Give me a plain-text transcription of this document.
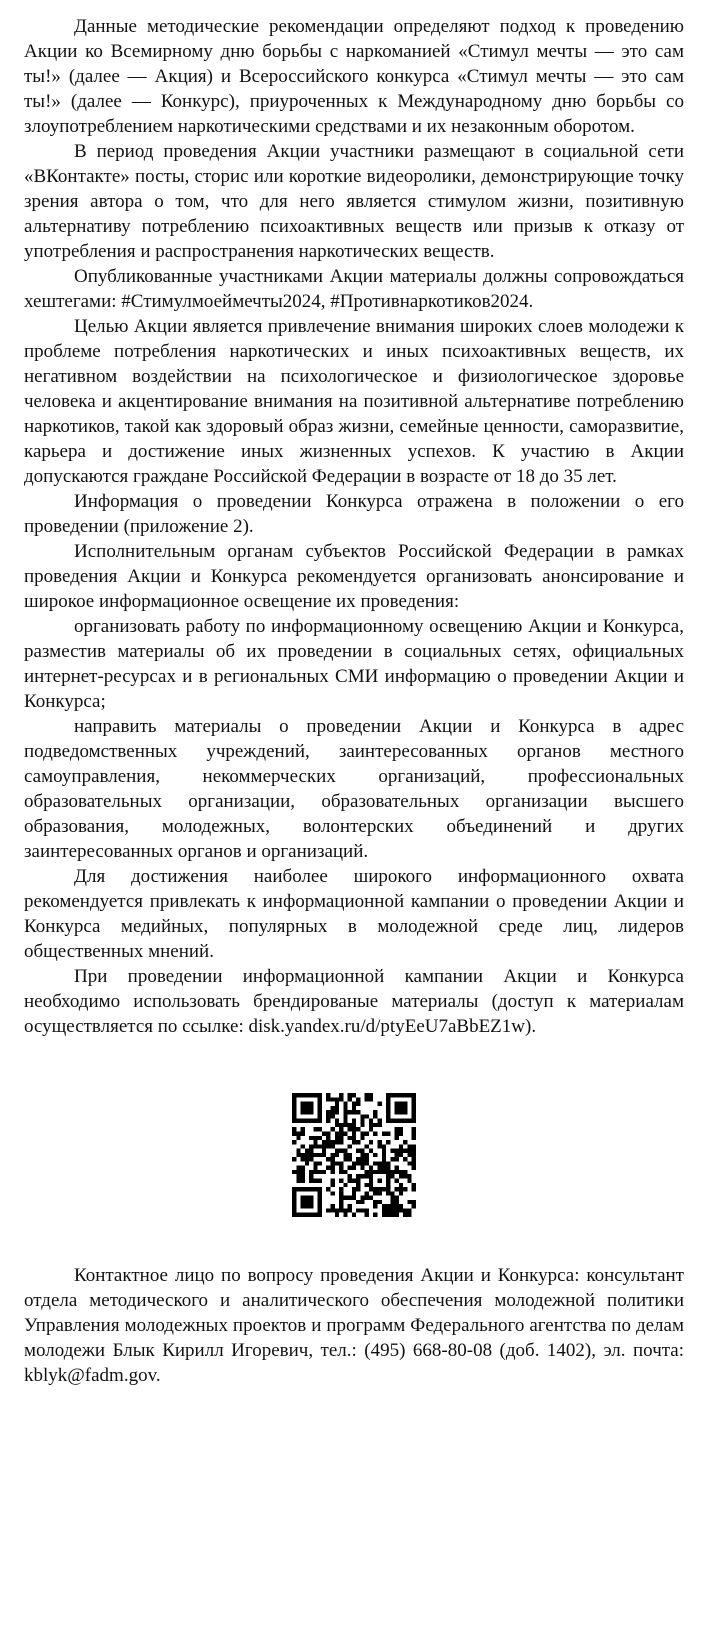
Данные методические рекомендации определяют подход к проведению Акции ко Всемирному дню борьбы с наркоманией «Стимул мечты — это сам ты!» (далее — Акция) и Всероссийского конкурса «Стимул мечты — это сам ты!» (далее — Конкурс), приуроченных к Международному дню борьбы со злоупотреблением наркотическими средствами и их незаконным оборотом.

В период проведения Акции участники размещают в социальной сети «ВКонтакте» посты, сторис или короткие видеоролики, демонстрирующие точку зрения автора о том, что для него является стимулом жизни, позитивную альтернативу потреблению психоактивных веществ или призыв к отказу от употребления и распространения наркотических веществ.

Опубликованные участниками Акции материалы должны сопровождаться хештегами: #Стимулмоеймечты2024, #Противнаркотиков2024.

Целью Акции является привлечение внимания широких слоев молодежи к проблеме потребления наркотических и иных психоактивных веществ, их негативном воздействии на психологическое и физиологическое здоровье человека и акцентирование внимания на позитивной альтернативе потреблению наркотиков, такой как здоровый образ жизни, семейные ценности, саморазвитие, карьера и достижение иных жизненных успехов. К участию в Акции допускаются граждане Российской Федерации в возрасте от 18 до 35 лет.

Информация о проведении Конкурса отражена в положении о его проведении (приложение 2).

Исполнительным органам субъектов Российской Федерации в рамках проведения Акции и Конкурса рекомендуется организовать анонсирование и широкое информационное освещение их проведения:

организовать работу по информационному освещению Акции и Конкурса, разместив материалы об их проведении в социальных сетях, официальных интернет-ресурсах и в региональных СМИ информацию о проведении Акции и Конкурса;

направить материалы о проведении Акции и Конкурса в адрес подведомственных учреждений, заинтересованных органов местного самоуправления, некоммерческих организаций, профессиональных образовательных организации, образовательных организации высшего образования, молодежных, волонтерских объединений и других заинтересованных органов и организаций.

Для достижения наиболее широкого информационного охвата рекомендуется привлекать к информационной кампании о проведении Акции и Конкурса медийных, популярных в молодежной среде лиц, лидеров общественных мнений.

При проведении информационной кампании Акции и Конкурса необходимо использовать брендированые материалы (доступ к материалам осуществляется по ссылке: disk.yandex.ru/d/ptyEeU7aBbEZ1w).

Контактное лицо по вопросу проведения Акции и Конкурса: консультант отдела методического и аналитического обеспечения молодежной политики Управления молодежных проектов и программ Федерального агентства по делам молодежи Блык Кирилл Игоревич, тел.: (495) 668-80-08 (доб. 1402), эл. почта: kblyk@fadm.gov.
